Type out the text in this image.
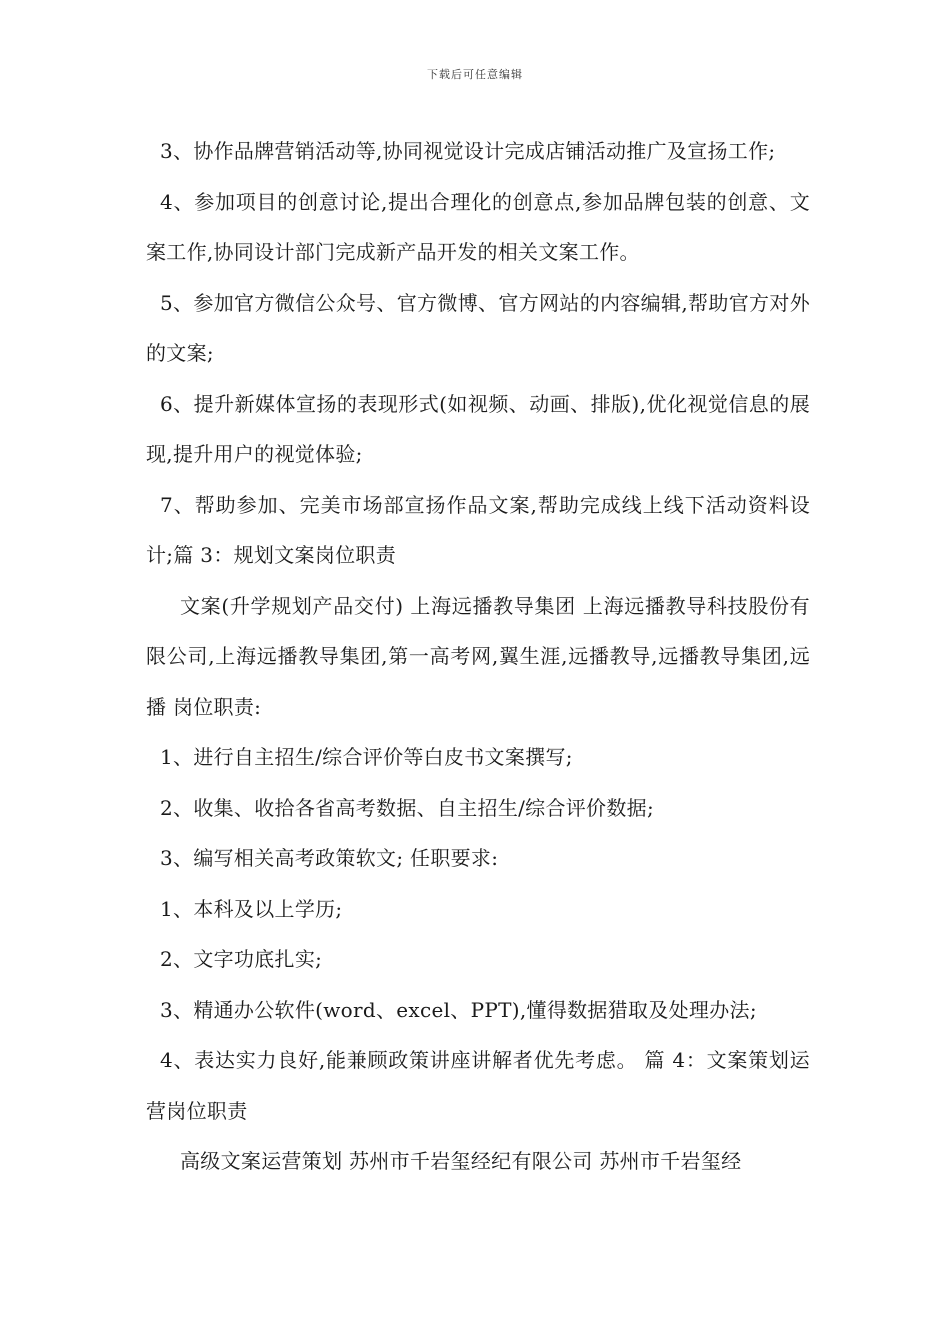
下载后可任意编辑

3、协作品牌营销活动等,协同视觉设计完成店铺活动推广及宣扬工作;

4、参加项目的创意讨论,提出合理化的创意点,参加品牌包装的创意、文案工作,协同设计部门完成新产品开发的相关文案工作。

5、参加官方微信公众号、官方微博、官方网站的内容编辑,帮助官方对外的文案;

6、提升新媒体宣扬的表现形式(如视频、动画、排版),优化视觉信息的展现,提升用户的视觉体验;

7、帮助参加、完美市场部宣扬作品文案,帮助完成线上线下活动资料设计;篇 3：规划文案岗位职责

文案(升学规划产品交付) 上海远播教导集团 上海远播教导科技股份有限公司,上海远播教导集团,第一高考网,翼生涯,远播教导,远播教导集团,远播 岗位职责:

1、进行自主招生/综合评价等白皮书文案撰写;

2、收集、收拾各省高考数据、自主招生/综合评价数据;

3、编写相关高考政策软文; 任职要求:

1、本科及以上学历;

2、文字功底扎实;

3、精通办公软件(word、excel、PPT),懂得数据猎取及处理办法;

4、表达实力良好,能兼顾政策讲座讲解者优先考虑。 篇 4：文案策划运营岗位职责

高级文案运营策划 苏州市千岩玺经纪有限公司 苏州市千岩玺经
